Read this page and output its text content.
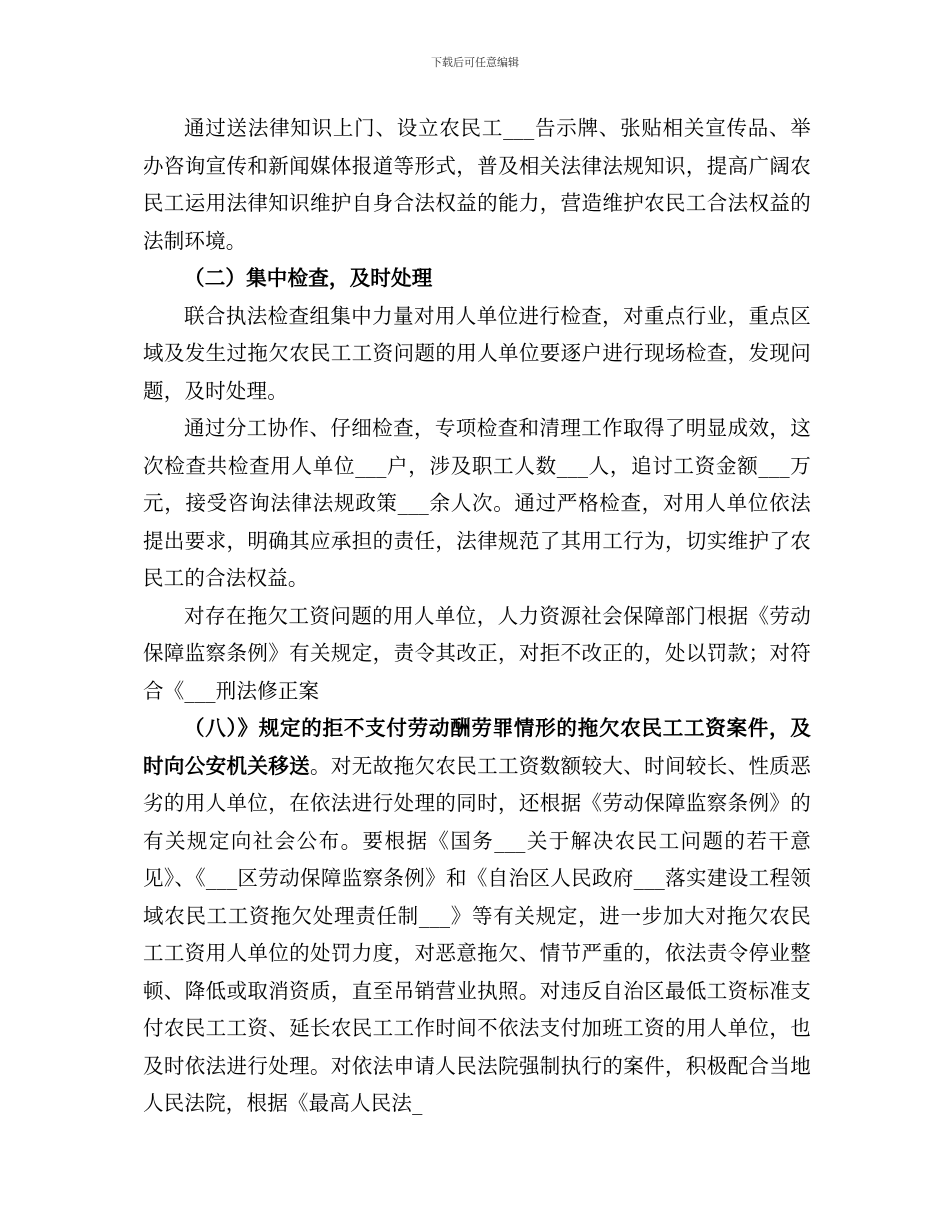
下载后可任意编辑

通过送法律知识上门、设立农民工___告示牌、张贴相关宣传品、举办咨询宣传和新闻媒体报道等形式，普及相关法律法规知识，提高广阔农民工运用法律知识维护自身合法权益的能力，营造维护农民工合法权益的法制环境。

（二）集中检查，及时处理

联合执法检查组集中力量对用人单位进行检查，对重点行业，重点区域及发生过拖欠农民工工资问题的用人单位要逐户进行现场检查，发现问题，及时处理。

通过分工协作、仔细检查，专项检查和清理工作取得了明显成效，这次检查共检查用人单位___户，涉及职工人数___人，追讨工资金额___万元，接受咨询法律法规政策___余人次。通过严格检查，对用人单位依法提出要求，明确其应承担的责任，法律规范了其用工行为，切实维护了农民工的合法权益。

对存在拖欠工资问题的用人单位，人力资源社会保障部门根据《劳动保障监察条例》有关规定，责令其改正，对拒不改正的，处以罚款；对符合《___刑法修正案

（八）》规定的拒不支付劳动酬劳罪情形的拖欠农民工工资案件，及时向公安机关移送。对无故拖欠农民工工资数额较大、时间较长、性质恶劣的用人单位，在依法进行处理的同时，还根据《劳动保障监察条例》的有关规定向社会公布。要根据《国务___关于解决农民工问题的若干意见》、《___区劳动保障监察条例》和《自治区人民政府___落实建设工程领域农民工工资拖欠处理责任制___》等有关规定，进一步加大对拖欠农民工工资用人单位的处罚力度，对恶意拖欠、情节严重的，依法责令停业整顿、降低或取消资质，直至吊销营业执照。对违反自治区最低工资标准支付农民工工资、延长农民工工作时间不依法支付加班工资的用人单位，也及时依法进行处理。对依法申请人民法院强制执行的案件，积极配合当地人民法院，根据《最高人民法_
